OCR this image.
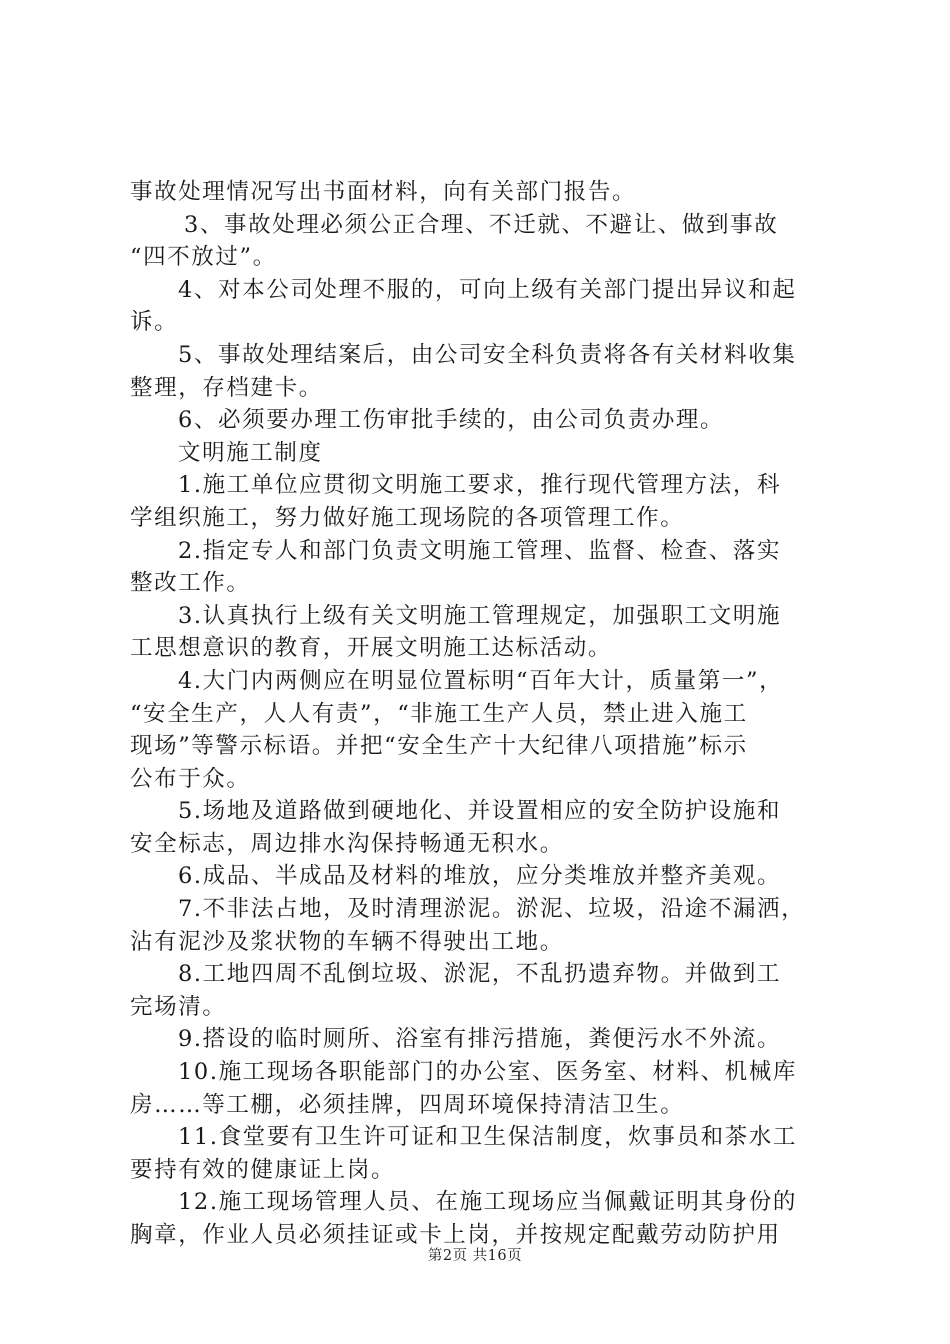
事故处理情况写出书面材料，向有关部门报告。

3、事故处理必须公正合理、不迁就、不避让、做到事故

“四不放过”。

4、对本公司处理不服的，可向上级有关部门提出异议和起

诉。

5、事故处理结案后，由公司安全科负责将各有关材料收集

整理，存档建卡。

6、必须要办理工伤审批手续的，由公司负责办理。

文明施工制度

1.施工单位应贯彻文明施工要求，推行现代管理方法，科

学组织施工，努力做好施工现场院的各项管理工作。

2.指定专人和部门负责文明施工管理、监督、检查、落实

整改工作。

3.认真执行上级有关文明施工管理规定，加强职工文明施

工思想意识的教育，开展文明施工达标活动。

4.大门内两侧应在明显位置标明“百年大计，质量第一”，

“安全生产，人人有责”，“非施工生产人员，禁止进入施工

现场”等警示标语。并把“安全生产十大纪律八项措施”标示

公布于众。

5.场地及道路做到硬地化、并设置相应的安全防护设施和

安全标志，周边排水沟保持畅通无积水。

6.成品、半成品及材料的堆放，应分类堆放并整齐美观。

7.不非法占地，及时清理淤泥。淤泥、垃圾，沿途不漏洒，

沾有泥沙及浆状物的车辆不得驶出工地。

8.工地四周不乱倒垃圾、淤泥，不乱扔遗弃物。并做到工

完场清。

9.搭设的临时厕所、浴室有排污措施，粪便污水不外流。

10.施工现场各职能部门的办公室、医务室、材料、机械库

房……等工棚，必须挂牌，四周环境保持清洁卫生。

11.食堂要有卫生许可证和卫生保洁制度，炊事员和茶水工

要持有效的健康证上岗。

12.施工现场管理人员、在施工现场应当佩戴证明其身份的

胸章，作业人员必须挂证或卡上岗，并按规定配戴劳动防护用

第2页 共16页
